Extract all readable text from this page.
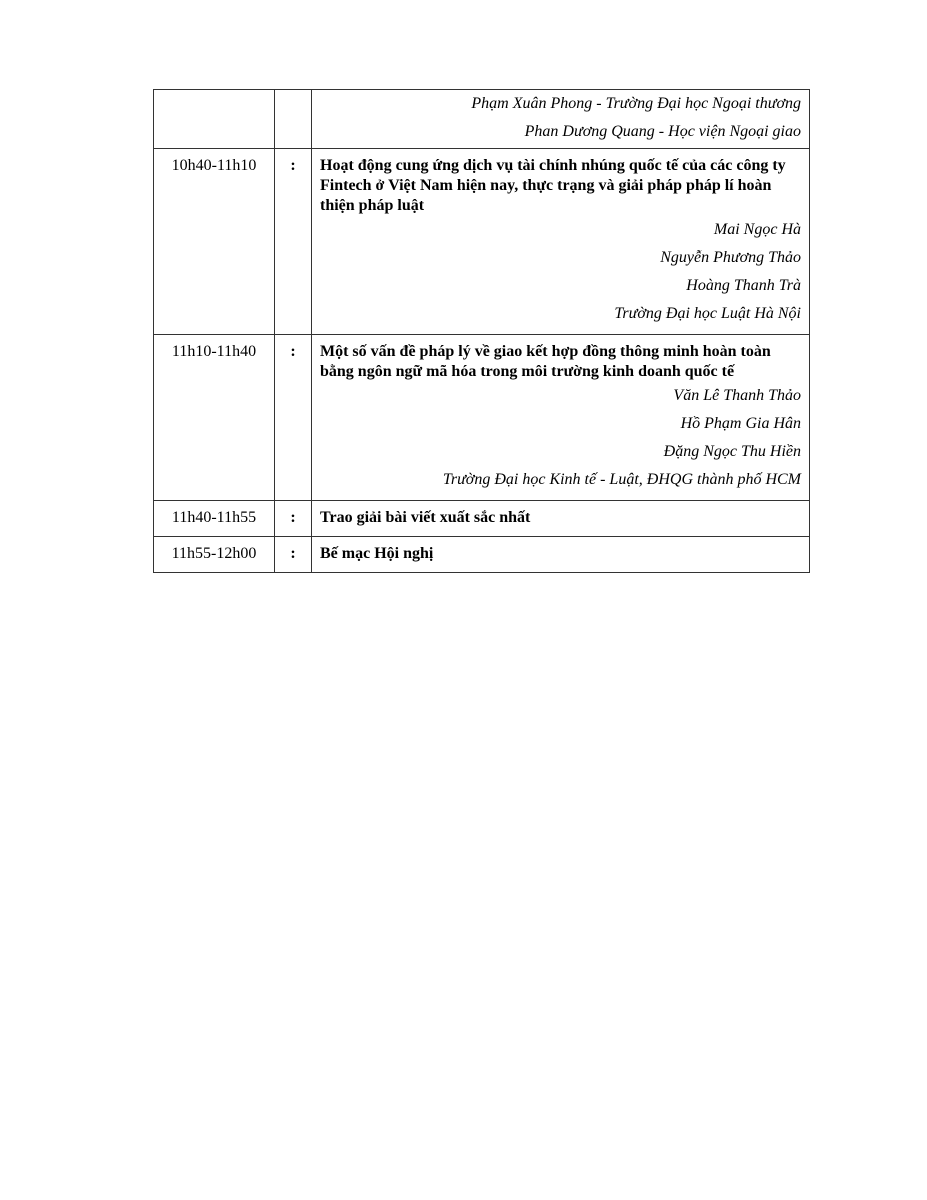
		Phạm Xuân Phong - Trường Đại học Ngoại thương
Phan Dương Quang - Học viện Ngoại giao

10h40-11h10	:	Hoạt động cung ứng dịch vụ tài chính nhúng quốc tế của các công ty Fintech ở Việt Nam hiện nay, thực trạng và giải pháp pháp lí hoàn thiện pháp luật
Mai Ngọc Hà
Nguyễn Phương Thảo
Hoàng Thanh Trà
Trường Đại học Luật Hà Nội

11h10-11h40	:	Một số vấn đề pháp lý về giao kết hợp đồng thông minh hoàn toàn bằng ngôn ngữ mã hóa trong môi trường kinh doanh quốc tế
Văn Lê Thanh Thảo
Hồ Phạm Gia Hân
Đặng Ngọc Thu Hiền
Trường Đại học Kinh tế - Luật, ĐHQG thành phố HCM

11h40-11h55	:	Trao giải bài viết xuất sắc nhất

11h55-12h00	:	Bế mạc Hội nghị
